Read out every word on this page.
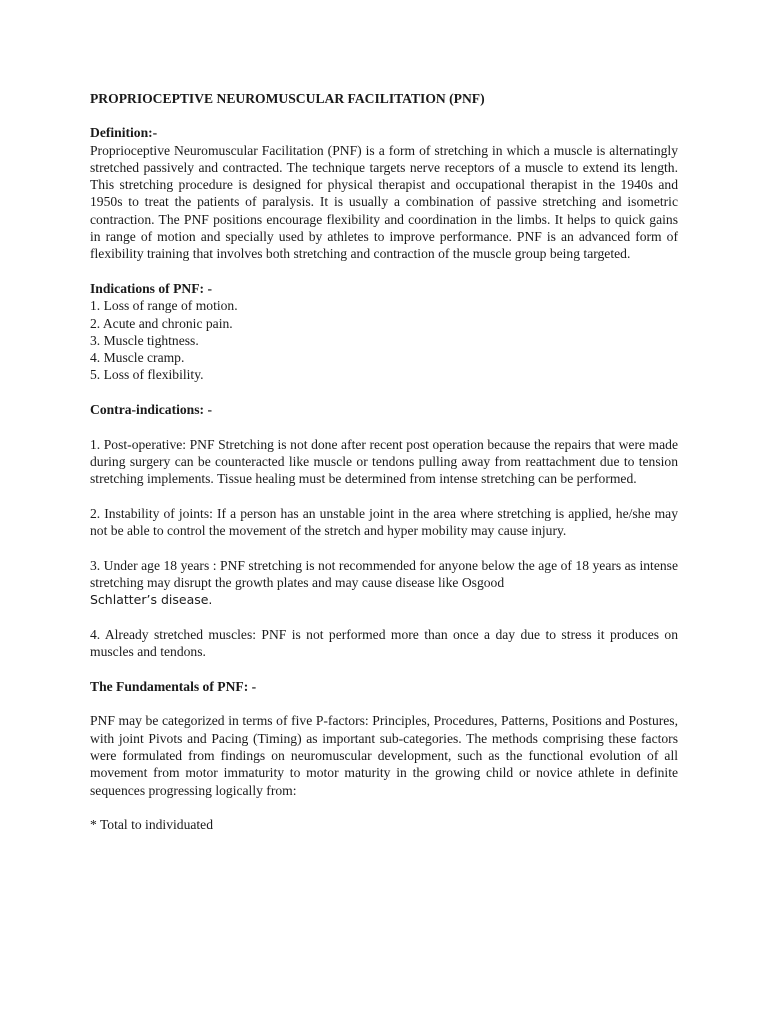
PROPRIOCEPTIVE NEUROMUSCULAR FACILITATION (PNF)
Definition:-

Proprioceptive Neuromuscular Facilitation (PNF) is a form of stretching in which a muscle is alternatingly stretched passively and contracted. The technique targets nerve receptors of a muscle to extend its length. This stretching procedure is designed for physical therapist and occupational therapist in the 1940s and 1950s to treat the patients of paralysis. It is usually a combination of passive stretching and isometric contraction. The PNF positions encourage flexibility and coordination in the limbs. It helps to quick gains in range of motion and specially used by athletes to improve performance. PNF is an advanced form of flexibility training that involves both stretching and contraction of the muscle group being targeted.

Indications of PNF: -
1. Loss of range of motion.
2. Acute and chronic pain.
3. Muscle tightness.
4. Muscle cramp.
5. Loss of flexibility.
Contra-indications: -

1. Post-operative: PNF Stretching is not done after recent post operation because the repairs that were made during surgery can be counteracted like muscle or tendons pulling away from reattachment due to tension stretching implements. Tissue healing must be determined from intense stretching can be performed.

2. Instability of joints: If a person has an unstable joint in the area where stretching is applied, he/she may not be able to control the movement of the stretch and hyper mobility may cause injury.

3. Under age 18 years : PNF stretching is not recommended for anyone below the age of 18 years as intense stretching may disrupt the growth plates and may cause disease like Osgood

Schlatter’s disease.

4. Already stretched muscles: PNF is not performed more than once a day due to stress it produces on muscles and tendons.

The Fundamentals of PNF: -

PNF may be categorized in terms of five P-factors: Principles, Procedures, Patterns, Positions and Postures, with joint Pivots and Pacing (Timing) as important sub-categories. The methods comprising these factors were formulated from findings on neuromuscular development, such as the functional evolution of all movement from motor immaturity to motor maturity in the growing child or novice athlete in definite sequences progressing logically from:

* Total to individuated
